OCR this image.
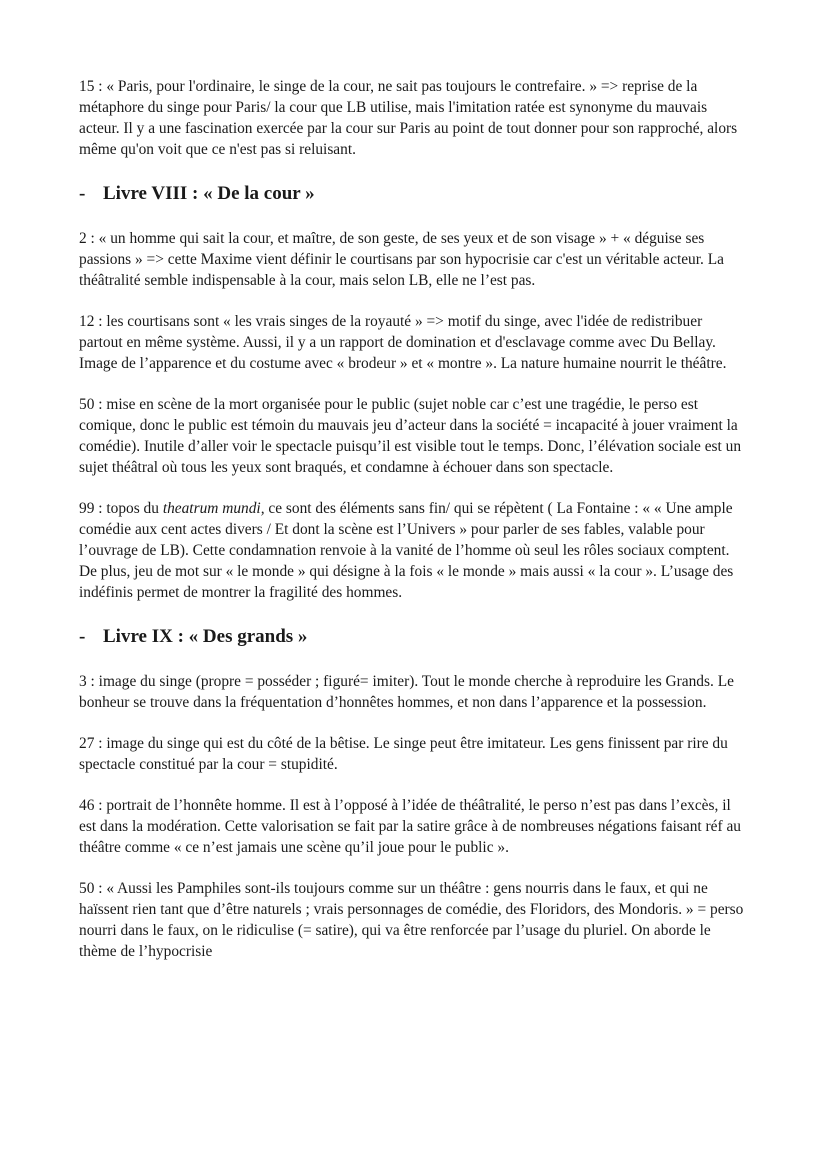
15 : « Paris, pour l'ordinaire, le singe de la cour, ne sait pas toujours le contrefaire. » => reprise de la métaphore du singe pour Paris/ la cour que LB utilise, mais l'imitation ratée est synonyme du mauvais acteur. Il y a une fascination exercée par la cour sur Paris au point de tout donner pour son rapproché, alors même qu'on voit que ce n'est pas si reluisant.

- Livre VIII : « De la cour »

2 : « un homme qui sait la cour, et maître, de son geste, de ses yeux et de son visage » + « déguise ses passions » => cette Maxime vient définir le courtisans par son hypocrisie car c'est un véritable acteur. La théâtralité semble indispensable à la cour, mais selon LB, elle ne l’est pas.

12 : les courtisans sont « les vrais singes de la royauté » => motif du singe, avec l'idée de redistribuer partout en même système. Aussi, il y a un rapport de domination et d'esclavage comme avec Du Bellay. Image de l’apparence et du costume avec « brodeur » et « montre ». La nature humaine nourrit le théâtre.

50 : mise en scène de la mort organisée pour le public (sujet noble car c’est une tragédie, le perso est comique, donc le public est témoin du mauvais jeu d’acteur dans la société = incapacité à jouer vraiment la comédie). Inutile d’aller voir le spectacle puisqu’il est visible tout le temps. Donc, l’élévation sociale est un sujet théâtral où tous les yeux sont braqués, et condamne à échouer dans son spectacle.

99 : topos du theatrum mundi, ce sont des éléments sans fin/ qui se répètent ( La Fontaine : « « Une ample comédie aux cent actes divers / Et dont la scène est l’Univers » pour parler de ses fables, valable pour l’ouvrage de LB). Cette condamnation renvoie à la vanité de l’homme où seul les rôles sociaux comptent. De plus, jeu de mot sur « le monde » qui désigne à la fois « le monde » mais aussi « la cour ». L’usage des indéfinis permet de montrer la fragilité des hommes.

- Livre IX : « Des grands »

3 : image du singe (propre = posséder ; figuré= imiter). Tout le monde cherche à reproduire les Grands. Le bonheur se trouve dans la fréquentation d’honnêtes hommes, et non dans l’apparence et la possession.

27 : image du singe qui est du côté de la bêtise. Le singe peut être imitateur. Les gens finissent par rire du spectacle constitué par la cour = stupidité.

46 : portrait de l’honnête homme. Il est à l’opposé à l’idée de théâtralité, le perso n’est pas dans l’excès, il est dans la modération. Cette valorisation se fait par la satire grâce à de nombreuses négations faisant réf au théâtre comme « ce n’est jamais une scène qu’il joue pour le public ».

50 : « Aussi les Pamphiles sont-ils toujours comme sur un théâtre : gens nourris dans le faux, et qui ne haïssent rien tant que d’être naturels ; vrais personnages de comédie, des Floridors, des Mondoris. » = perso nourri dans le faux, on le ridiculise (= satire), qui va être renforcée par l’usage du pluriel. On aborde le thème de l’hypocrisie
